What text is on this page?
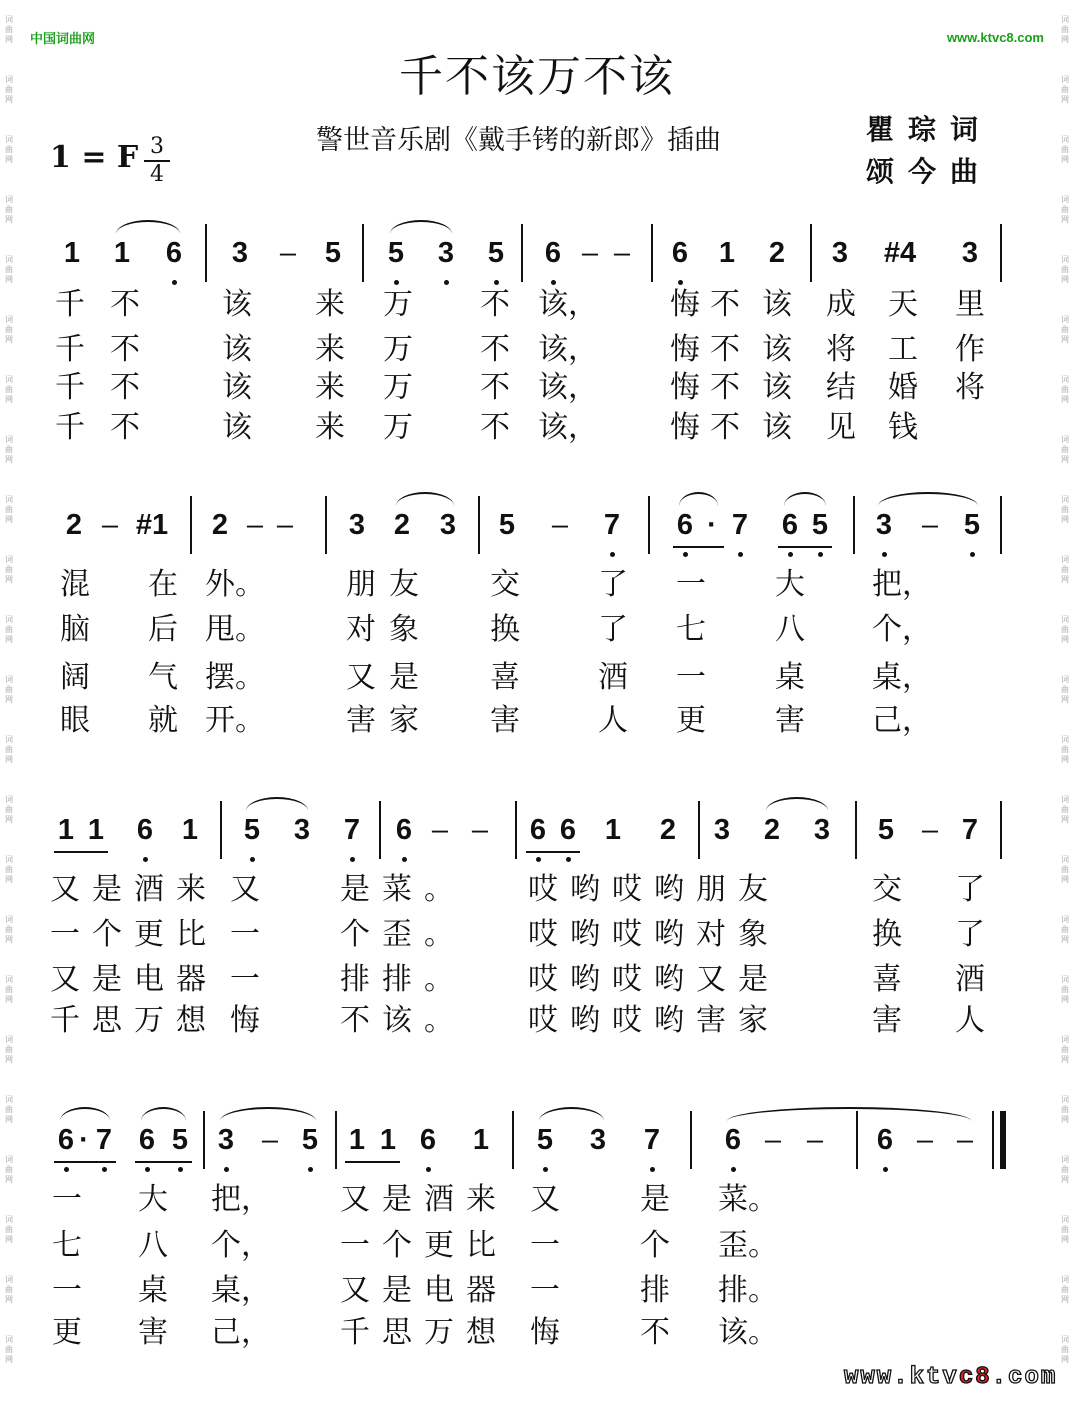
词
曲
网
词
曲
网
词
曲
网
词
曲
网
词
曲
网
词
曲
网
词
曲
网
词
曲
网
词
曲
网
词
曲
网
词
曲
网
词
曲
网
词
曲
网
词
曲
网
词
曲
网
词
曲
网
词
曲
网
词
曲
网
词
曲
网
词
曲
网
词
曲
网
词
曲
网
词
曲
网
词
曲
网
词
曲
网
词
曲
网
词
曲
网
词
曲
网
词
曲
网
词
曲
网
词
曲
网
词
曲
网
词
曲
网
词
曲
网
词
曲
网
词
曲
网
词
曲
网
词
曲
网
词
曲
网
词
曲
网
词
曲
网
词
曲
网
词
曲
网
词
曲
网
词
曲
网
词
曲
网
中国词曲网	www.ktvc8.com
千不该万不该
警世音乐剧《戴手铐的新郎》插曲
1 = F 3
4
瞿琮词
颂今曲
1 1 6 3 – 5 5 3 5 6 – – 6 1 2 3 #4 3
千 不	该 来 万 不 该， 悔 不 该 成 天 里
千 不	该 来 万 不 该， 悔 不 该 将 工 作
千 不	该 来 万 不 该， 悔 不 该 结 婚 将
千 不	该 来 万 不 该， 悔 不 该 见 钱
2 – #1 2 – – 3 2 3 5 – 7 6 · 7 6 5 3 – 5
混 在 外。	朋 友 交	了 一 大 把，
脑 后 甩。	对 象 换	了 七 八 个，
阔 气 摆。	又 是 喜	酒 一 桌 桌，
眼 就 开。	害 家 害	人 更 害 己，
1 1 6 1 5 3 7 6 – – 6 6 1 2 3 2 3 5 – 7
又是酒来 又	是菜。 哎哟哎哟朋友	交 了
一个更比 一	个歪。 哎哟哎哟对象	换 了
又是电器 一	排排。 哎哟哎哟又是	喜 酒
千思万想 悔	不该。 哎哟哎哟害家	害 人
6 · 7 6 5 3 – 5 1 1 6 1 5 3 7 6 – – 6 – –
一 大 把， 又是酒来 又	是 菜。
七 八 个， 一个更比 一	个 歪。
一 桌 桌， 又是电器 一	排 排。
更 害 己， 千思万想 悔	不 该。
www.ktvc8.com
